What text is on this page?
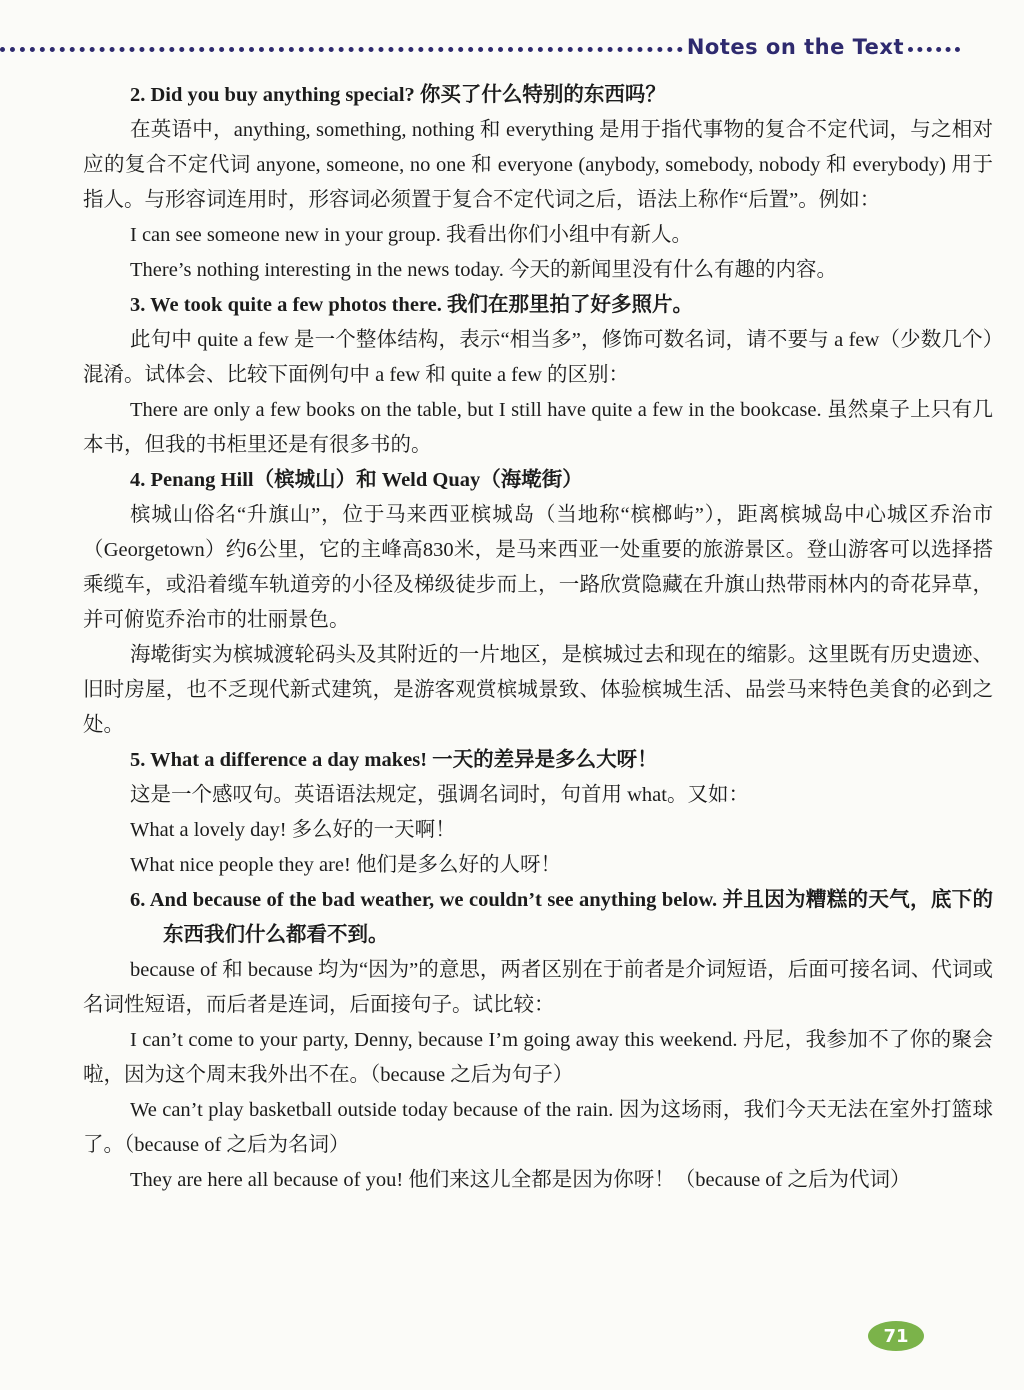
Notes on the Text

2. Did you buy anything special? 你买了什么特别的东西吗？

在英语中，anything, something, nothing 和 everything 是用于指代事物的复合不定代词，与之相对应的复合不定代词 anyone, someone, no one 和 everyone (anybody, somebody, nobody 和 everybody) 用于指人。与形容词连用时，形容词必须置于复合不定代词之后，语法上称作“后置”。例如：

I can see someone new in your group. 我看出你们小组中有新人。

There’s nothing interesting in the news today. 今天的新闻里没有什么有趣的内容。

3. We took quite a few photos there. 我们在那里拍了好多照片。

此句中 quite a few 是一个整体结构，表示“相当多”，修饰可数名词，请不要与 a few（少数几个）混淆。试体会、比较下面例句中 a few 和 quite a few 的区别：

There are only a few books on the table, but I still have quite a few in the bookcase. 虽然桌子上只有几本书，但我的书柜里还是有很多书的。

4. Penang Hill（槟城山）和 Weld Quay（海墘街）

槟城山俗名“升旗山”，位于马来西亚槟城岛（当地称“槟榔屿”），距离槟城岛中心城区乔治市（Georgetown）约6公里，它的主峰高830米，是马来西亚一处重要的旅游景区。登山游客可以选择搭乘缆车，或沿着缆车轨道旁的小径及梯级徒步而上，一路欣赏隐藏在升旗山热带雨林内的奇花异草，并可俯览乔治市的壮丽景色。

海墘街实为槟城渡轮码头及其附近的一片地区，是槟城过去和现在的缩影。这里既有历史遗迹、旧时房屋，也不乏现代新式建筑，是游客观赏槟城景致、体验槟城生活、品尝马来特色美食的必到之处。

5. What a difference a day makes! 一天的差异是多么大呀！

这是一个感叹句。英语语法规定，强调名词时，句首用 what。又如：

What a lovely day! 多么好的一天啊！

What nice people they are! 他们是多么好的人呀！

6. And because of the bad weather, we couldn’t see anything below. 并且因为糟糕的天气，底下的东西我们什么都看不到。

because of 和 because 均为“因为”的意思，两者区别在于前者是介词短语，后面可接名词、代词或名词性短语，而后者是连词，后面接句子。试比较：

I can’t come to your party, Denny, because I’m going away this weekend. 丹尼，我参加不了你的聚会啦，因为这个周末我外出不在。（because 之后为句子）

We can’t play basketball outside today because of the rain. 因为这场雨，我们今天无法在室外打篮球了。（because of 之后为名词）

They are here all because of you! 他们来这儿全都是因为你呀！（because of 之后为代词）

71
